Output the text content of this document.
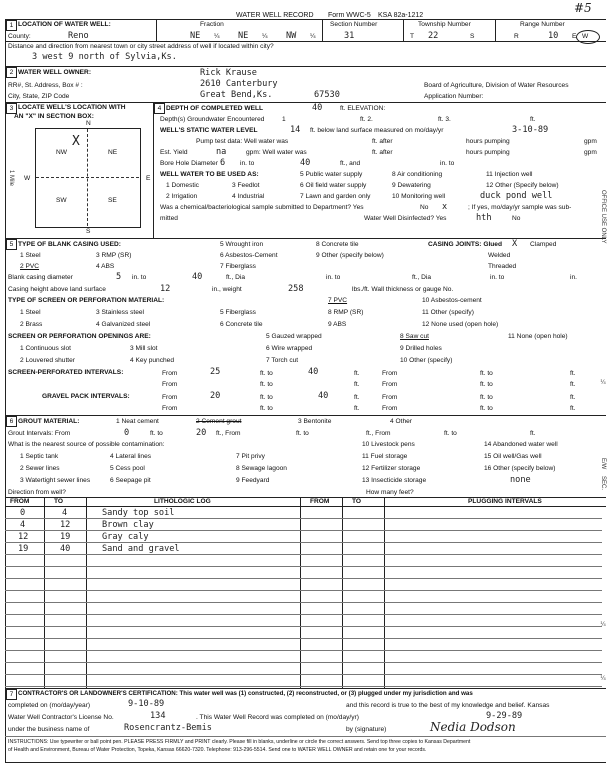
#5
WATER WELL RECORD Form WWC-5 KSA 82a-1212
1 LOCATION OF WATER WELL:
County:	Reno
Fraction
NE ¼ NE ¼ NW ¼
Section Number
31
Township Number
T 22	S
Range Number
R	10 E W
Distance and direction from nearest town or city street address of well if located within city?
3 west 9 north of Sylvia,Ks.
2 WATER WELL OWNER:	Rick Krause
RR#, St. Address, Box # :	2610 Canterbury	Board of Agriculture, Division of Water Resources
City, State, ZIP Code	Great Bend,Ks.	67530	Application Number:
3 LOCATE WELL'S LOCATION WITH
AN "X" IN SECTION BOX:
N
S
W	E
1 Mile
NW	NE
SW	SE
X
4 DEPTH OF COMPLETED WELL	40	ft. ELEVATION:
Depth(s) Groundwater Encountered	1	ft. 2.	ft. 3.	ft.
WELL'S STATIC WATER LEVEL	14 ft. below land surface measured on mo/day/yr	3-10-89
Pump test data: Well water was	ft. after	hours pumping	gpm
Est. Yield	na	gpm: Well water was	ft. after	hours pumping	gpm
Bore Hole Diameter 6 in. to	40	ft., and	in. to
WELL WATER TO BE USED AS:
1 Domestic	3 Feedlot
5 Public water supply	8 Air conditioning	11 Injection well
2 Irrigation	4 Industrial
6 Oil field water supply	9 Dewatering	12 Other (Specify below)
7 Lawn and garden only	10 Monitoring well	duck pond well
Was a chemical/bacteriological sample submitted to Department? Yes	No x	; If yes, mo/day/yr sample was sub-
mitted	Water Well Disinfected? Yes	hth	No
5 TYPE OF BLANK CASING USED:
1 Steel	3 RMP (SR)
5 Wrought iron	8 Concrete tile
4 ABS
6 Asbestos-Cement	9 Other (specify below)
7 Fiberglass
2 PVC
CASING JOINTS: Glued X Clamped
Welded
Threaded
Blank casing diameter	5 in. to	40	ft., Dia	in. to	ft., Dia	in. to	in.
Casing height above land surface	12	in., weight	258	lbs./ft. Wall thickness or gauge No.
TYPE OF SCREEN OR PERFORATION MATERIAL:	7 PVC	10 Asbestos-cement
1 Steel	3 Stainless steel	5 Fiberglass	8 RMP (SR)	11 Other (specify)
2 Brass	4 Galvanized steel	6 Concrete tile	9 ABS	12 None used (open hole)
SCREEN OR PERFORATION OPENINGS ARE:	5 Gauzed wrapped	8 Saw cut	11 None (open hole)
1 Continuous slot	3 Mill slot	6 Wire wrapped	9 Drilled holes
2 Louvered shutter	4 Key punched	7 Torch cut	10 Other (specify)
SCREEN-PERFORATED INTERVALS:	From	25	ft. to	40	ft.	From	ft. to	ft.
From	ft. to	ft.	From	ft. to	ft.
GRAVEL PACK INTERVALS:	From	20	ft. to	40	ft.	From	ft. to	ft.
From	ft. to	ft.	From	ft. to	ft.
6 GROUT MATERIAL:	1 Neat cement	2 Cement grout	3 Bentonite	4 Other
Grout Intervals: From	0	ft. to	20 ft., From	ft. to	ft., From	ft. to	ft.
What is the nearest source of possible contamination:
1 Septic tank	4 Lateral lines	7 Pit privy
10 Livestock pens	14 Abandoned water well
2 Sewer lines	5 Cess pool	8 Sewage lagoon
11 Fuel storage	15 Oil well/Gas well
3 Watertight sewer lines	6 Seepage pit	9 Feedyard
12 Fertilizer storage	16 Other (specify below)
13 Insecticide storage	none
Direction from well?	How many feet?
FROM	TO	LITHOLOGIC LOG	FROM	TO	PLUGGING INTERVALS
0	4	Sandy top soil
4	12	Brown clay
12	19	Gray caly
19	40	Sand and gravel
7 CONTRACTOR'S OR LANDOWNER'S CERTIFICATION: This water well was (1) constructed, (2) reconstructed, or (3) plugged under my jurisdiction and was
completed on (mo/day/year)	9-10-89	and this record is true to the best of my knowledge and belief. Kansas
Water Well Contractor's License No.	134	. This Water Well Record was completed on (mo/day/yr)	9-29-89
under the business name of	Rosencrantz-Bemis	by (signature)	Nedia Dodson
INSTRUCTIONS: Use typewriter or ball point pen. PLEASE PRESS FIRMLY and PRINT clearly. Please fill in blanks, underline or circle the correct answers. Send top three copies to Kansas Department
of Health and Environment, Bureau of Water Protection, Topeka, Kansas 66620-7320. Telephone: 913-296-5514. Send one to WATER WELL OWNER and retain one for your records.
OFFICE USE ONLY
E/W
SEC.
¼
¼
¼
